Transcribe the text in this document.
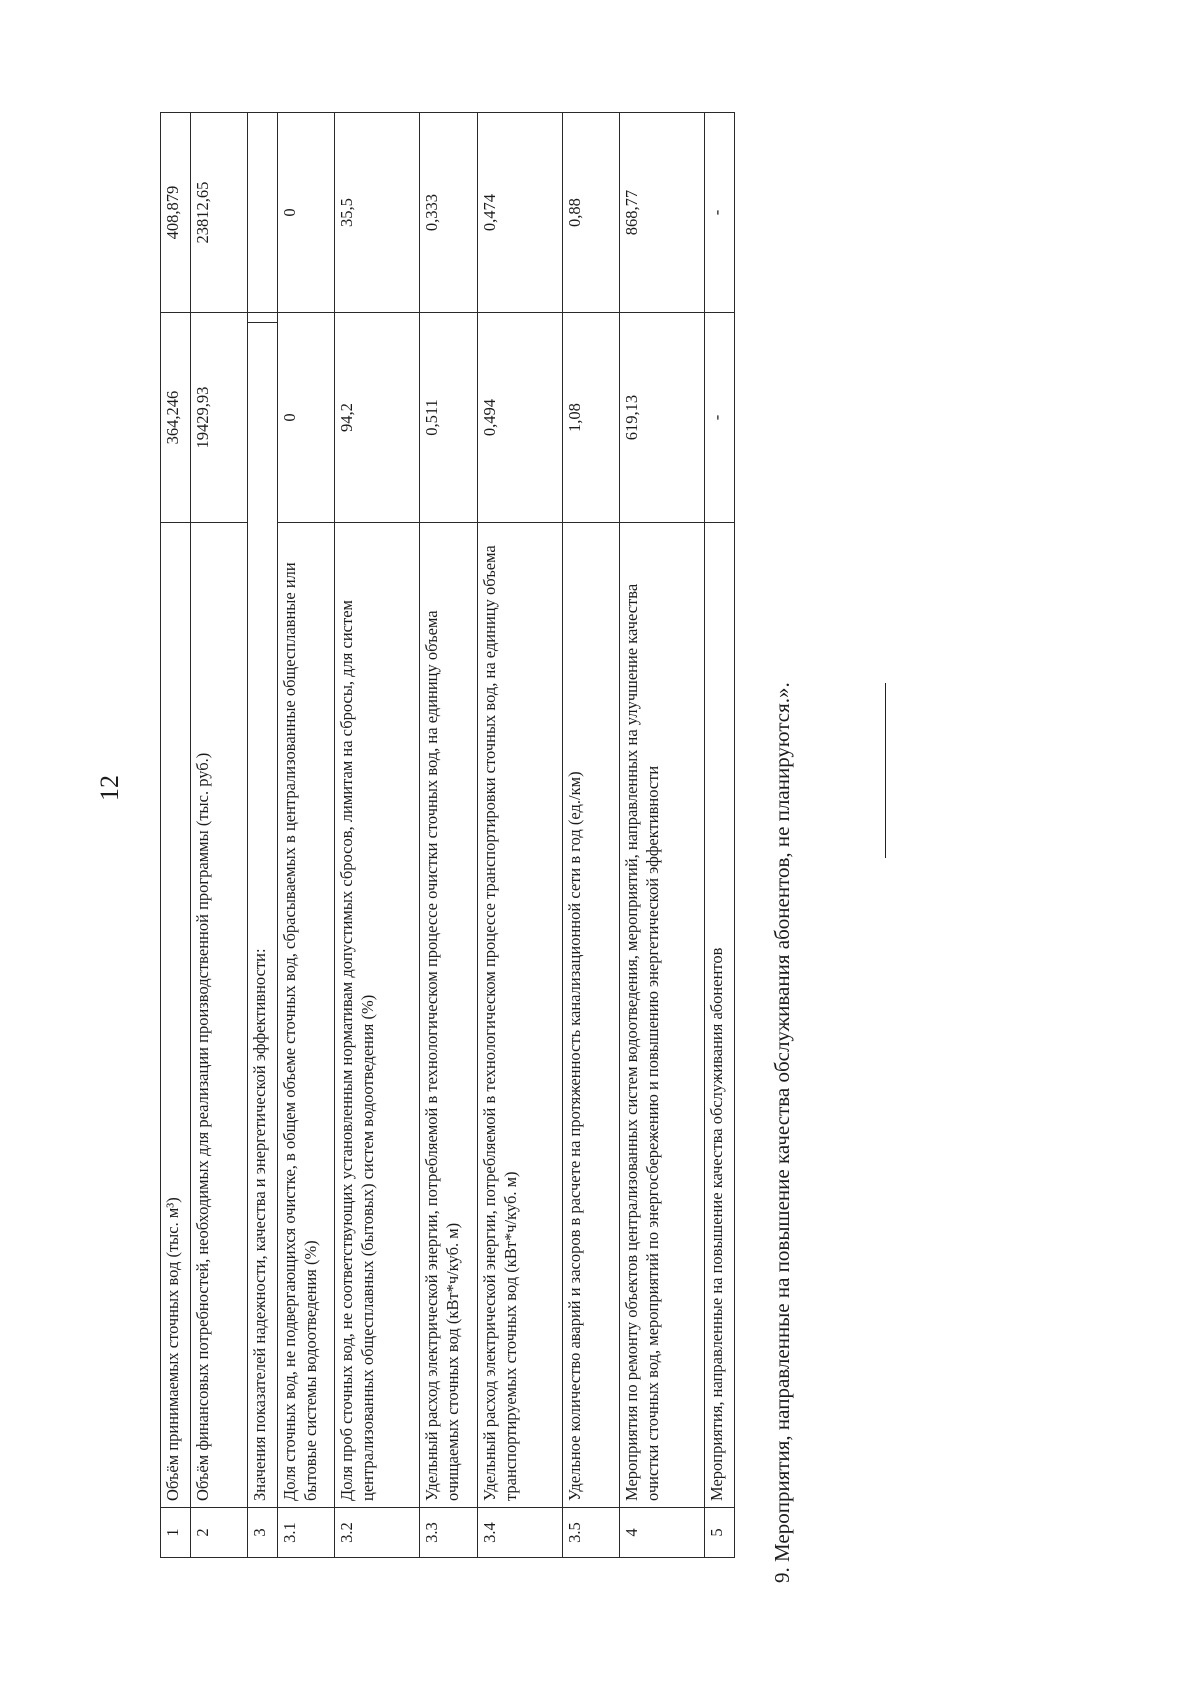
12
1	Объём принимаемых сточных вод (тыс. м³)	364,246		408,879
2	Объём финансовых потребностей, необходимых для реализации производственной программы (тыс. руб.)	19429,93		23812,65
3	Значения показателей надежности, качества и энергетической эффективности:			
3.1	Доля сточных вод, не подвергающихся очистке, в общем объеме сточных вод, сбрасываемых в централизованные общесплавные или бытовые системы водоотведения (%)	0		0
3.2	Доля проб сточных вод, не соответствующих установленным нормативам допустимых сбросов, лимитам на сбросы, для систем централизованных общесплавных (бытовых) систем водоотведения (%)	94,2		35,5
3.3	Удельный расход электрической энергии, потребляемой в технологическом процессе очистки сточных вод, на единицу объема очищаемых сточных вод (кВт*ч/куб. м)	0,511		0,333
3.4	Удельный расход электрической энергии, потребляемой в технологическом процессе транспортировки сточных вод, на единицу объема транспортируемых сточных вод (кВт*ч/куб. м)	0,494		0,474
3.5	Удельное количество аварий и засоров в расчете на протяженность канализационной сети в год (ед./км)	1,08		0,88
4	Мероприятия по ремонту объектов централизованных систем водоотведения, мероприятий, направленных на улучшение качества очистки сточных вод, мероприятий по энергосбережению и повышению энергетической эффективности	619,13		868,77
5	Мероприятия, направленные на повышение качества обслуживания абонентов	-		-
9. Мероприятия, направленные на повышение качества обслуживания абонентов, не планируются.».
